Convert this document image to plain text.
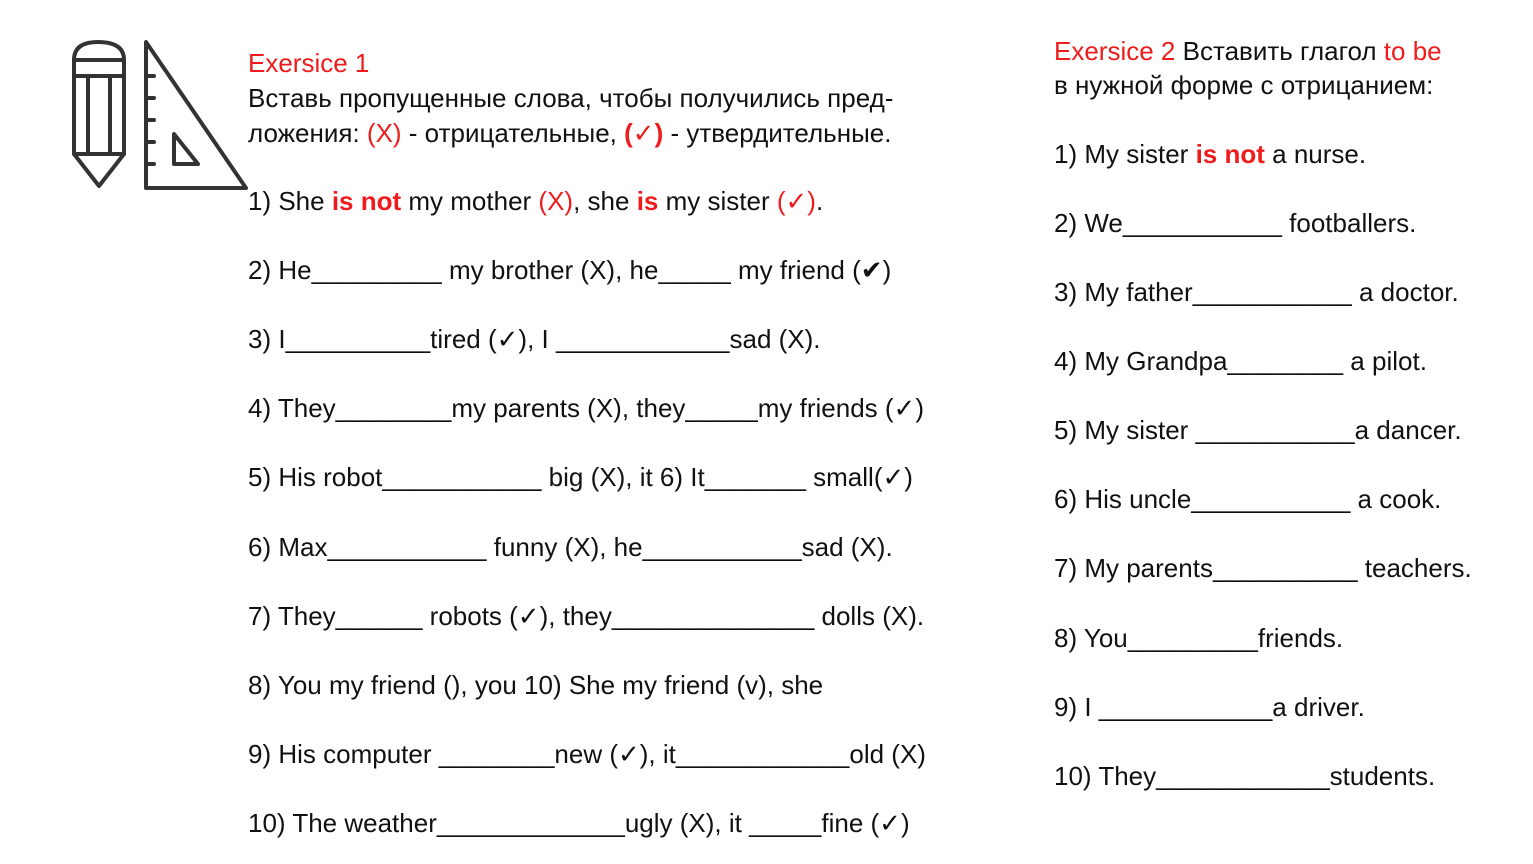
Exersice 1
Вставь пропущенные слова, чтобы получились пред-
ложения: (X) - отрицательные, (✓) - утвердительные.
1) She is not my mother (X), she is my sister (✓).
2) He_________ my brother (X), he_____ my friend (✔)
3) I__________tired (✓), I ____________sad (X).
4) They________my parents (X), they_____my friends (✓)
5) His robot___________ big (X), it 6) It_______ small(✓)
6) Max___________ funny (X), he___________sad (X).
7) They______ robots (✓), they______________ dolls (X).
8) You my friend (), you 10) She my friend (v), she
9) His computer ________new (✓), it____________old (X)
10) The weather_____________ugly (X), it _____fine (✓)
Exersice 2 Вставить глагол to be
в нужной форме с отрицанием:
1) My sister is not a nurse.
2) We___________ footballers.
3) My father___________ a doctor.
4) My Grandpa________ a pilot.
5) My sister ___________a dancer.
6) His uncle___________ a cook.
7) My parents__________ teachers.
8) You_________friends.
9) I ____________a driver.
10) They____________students.
